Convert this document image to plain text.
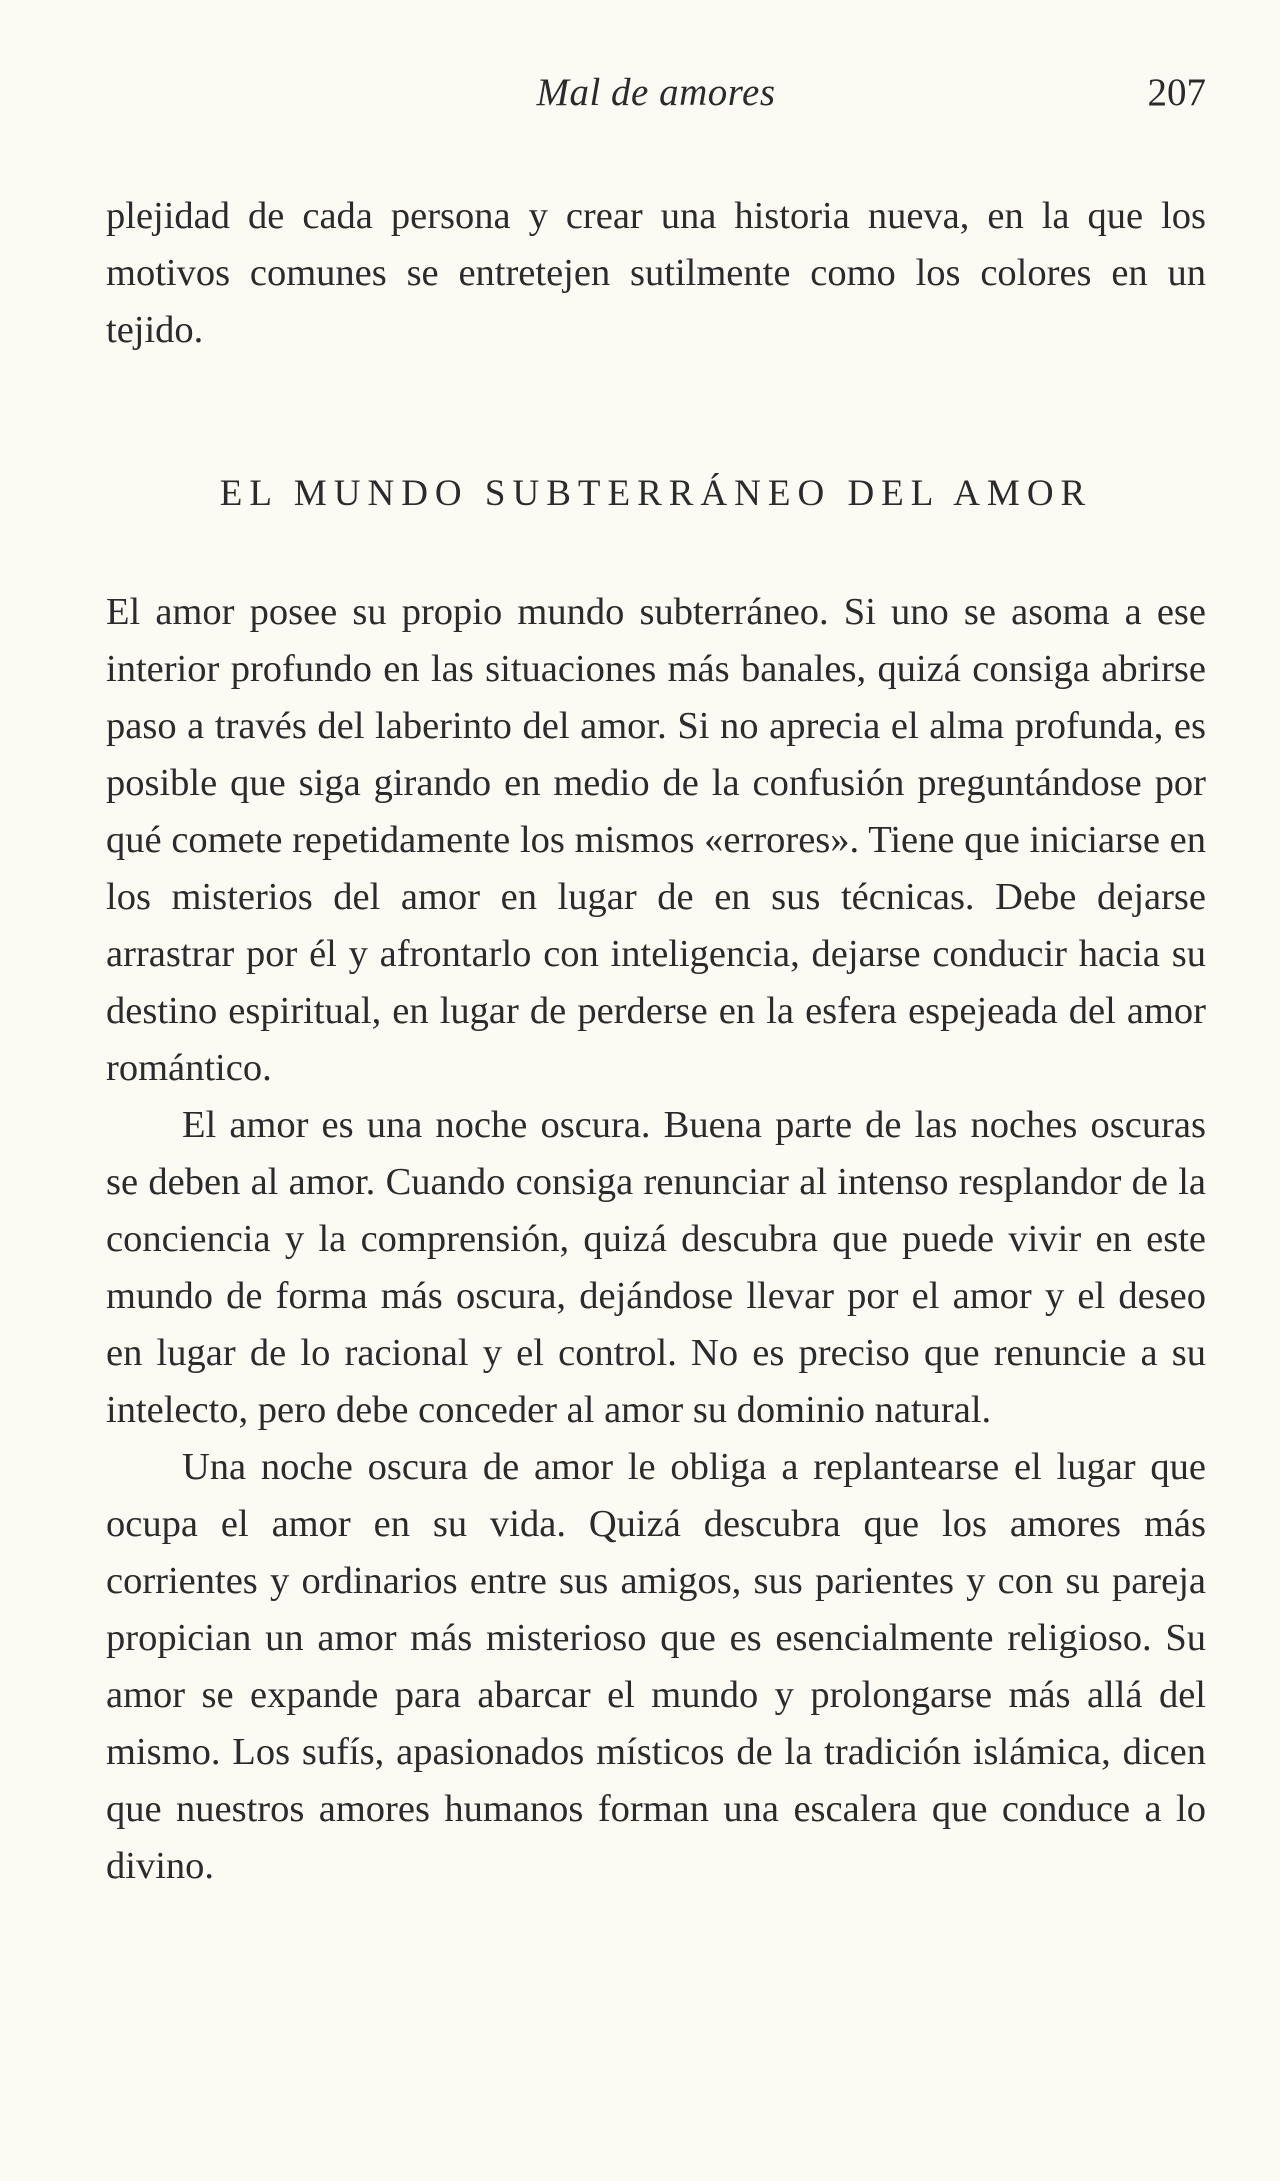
Mal de amores	207

plejidad de cada persona y crear una historia nueva, en la que los motivos comunes se entretejen sutilmente como los colores en un tejido.

EL MUNDO SUBTERRÁNEO DEL AMOR

El amor posee su propio mundo subterráneo. Si uno se asoma a ese interior profundo en las situaciones más banales, quizá consiga abrirse paso a través del laberinto del amor. Si no aprecia el alma profunda, es posible que siga girando en medio de la confusión preguntándose por qué comete repetidamente los mismos «errores». Tiene que iniciarse en los misterios del amor en lugar de en sus técnicas. Debe dejarse arrastrar por él y afrontarlo con inteligencia, dejarse conducir hacia su destino espiritual, en lugar de perderse en la esfera espejeada del amor romántico.

El amor es una noche oscura. Buena parte de las noches oscuras se deben al amor. Cuando consiga renunciar al intenso resplandor de la conciencia y la comprensión, quizá descubra que puede vivir en este mundo de forma más oscura, dejándose llevar por el amor y el deseo en lugar de lo racional y el control. No es preciso que renuncie a su intelecto, pero debe conceder al amor su dominio natural.

Una noche oscura de amor le obliga a replantearse el lugar que ocupa el amor en su vida. Quizá descubra que los amores más corrientes y ordinarios entre sus amigos, sus parientes y con su pareja propician un amor más misterioso que es esencialmente religioso. Su amor se expande para abarcar el mundo y prolongarse más allá del mismo. Los sufís, apasionados místicos de la tradición islámica, dicen que nuestros amores humanos forman una escalera que conduce a lo divino.
